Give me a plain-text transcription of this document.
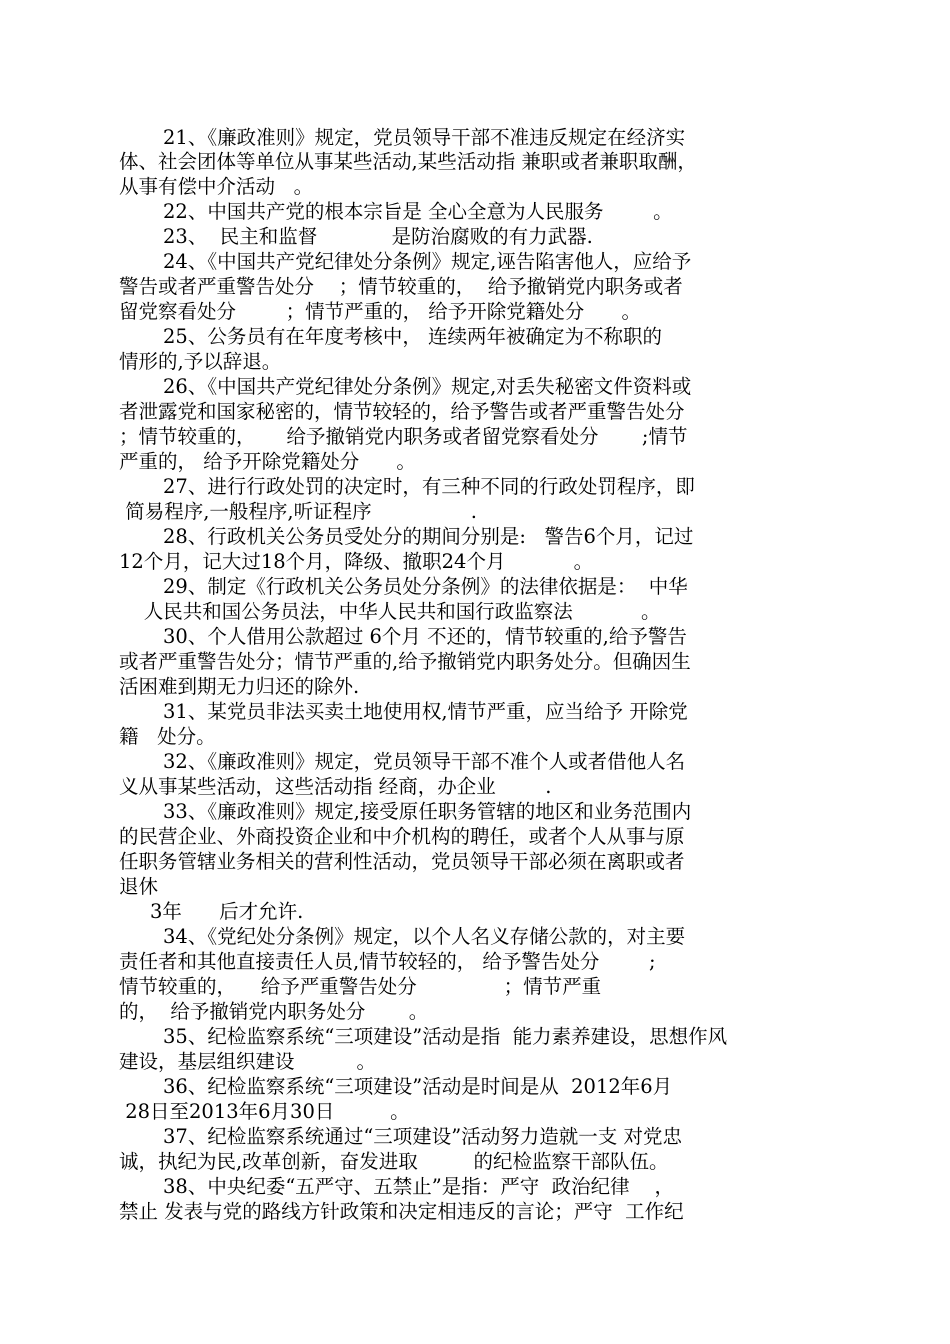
21、《廉政准则》规定，党员领导干部不准违反规定在经济实
体、社会团体等单位从事某些活动,某些活动指 兼职或者兼职取酬，
从事有偿中介活动   。
22、中国共产党的根本宗旨是 全心全意为人民服务        。
23、  民主和监督            是防治腐败的有力武器.
24、《中国共产党纪律处分条例》规定,诬告陷害他人，应给予
警告或者严重警告处分    ；情节较重的，  给予撤销党内职务或者
留党察看处分        ；情节严重的， 给予开除党籍处分      。
25、公务员有在年度考核中， 连续两年被确定为不称职的
情形的,予以辞退。
26、《中国共产党纪律处分条例》规定,对丢失秘密文件资料或
者泄露党和国家秘密的，情节较轻的，给予警告或者严重警告处分
；情节较重的，     给予撤销党内职务或者留党察看处分       ;情节
严重的， 给予开除党籍处分      。
27、进行行政处罚的决定时，有三种不同的行政处罚程序，即
简易程序,一般程序,听证程序                .
28、行政机关公务员受处分的期间分别是:   警告6个月，记过
12个月，记大过18个月，降级、撤职24个月           。
29、制定《行政机关公务员处分条例》的法律依据是：  中华
人民共和国公务员法，中华人民共和国行政监察法           。
30、个人借用公款超过 6个月 不还的，情节较重的,给予警告
或者严重警告处分；情节严重的,给予撤销党内职务处分。但确因生
活困难到期无力归还的除外.
31、某党员非法买卖土地使用权,情节严重，应当给予 开除党
籍   处分。
32、《廉政准则》规定，党员领导干部不准个人或者借他人名
义从事某些活动，这些活动指 经商，办企业        .
33、《廉政准则》规定,接受原任职务管辖的地区和业务范围内
的民营企业、外商投资企业和中介机构的聘任，或者个人从事与原
任职务管辖业务相关的营利性活动，党员领导干部必须在离职或者
退休
3年      后才允许.
34、《党纪处分条例》规定，以个人名义存储公款的，对主要
责任者和其他直接责任人员,情节较轻的， 给予警告处分        ;
情节较重的，    给予严重警告处分              ；情节严重
的，  给予撤销党内职务处分       。
35、纪检监察系统“三项建设”活动是指  能力素养建设，思想作风
建设，基层组织建设          。
36、纪检监察系统“三项建设”活动是时间是从  2012年6月
28日至2013年6月30日         。
37、纪检监察系统通过“三项建设”活动努力造就一支 对党忠
诚，执纪为民,改革创新，奋发进取         的纪检监察干部队伍。
38、中央纪委“五严守、五禁止”是指：严守  政治纪律    ，
禁止 发表与党的路线方针政策和决定相违反的言论；严守  工作纪
